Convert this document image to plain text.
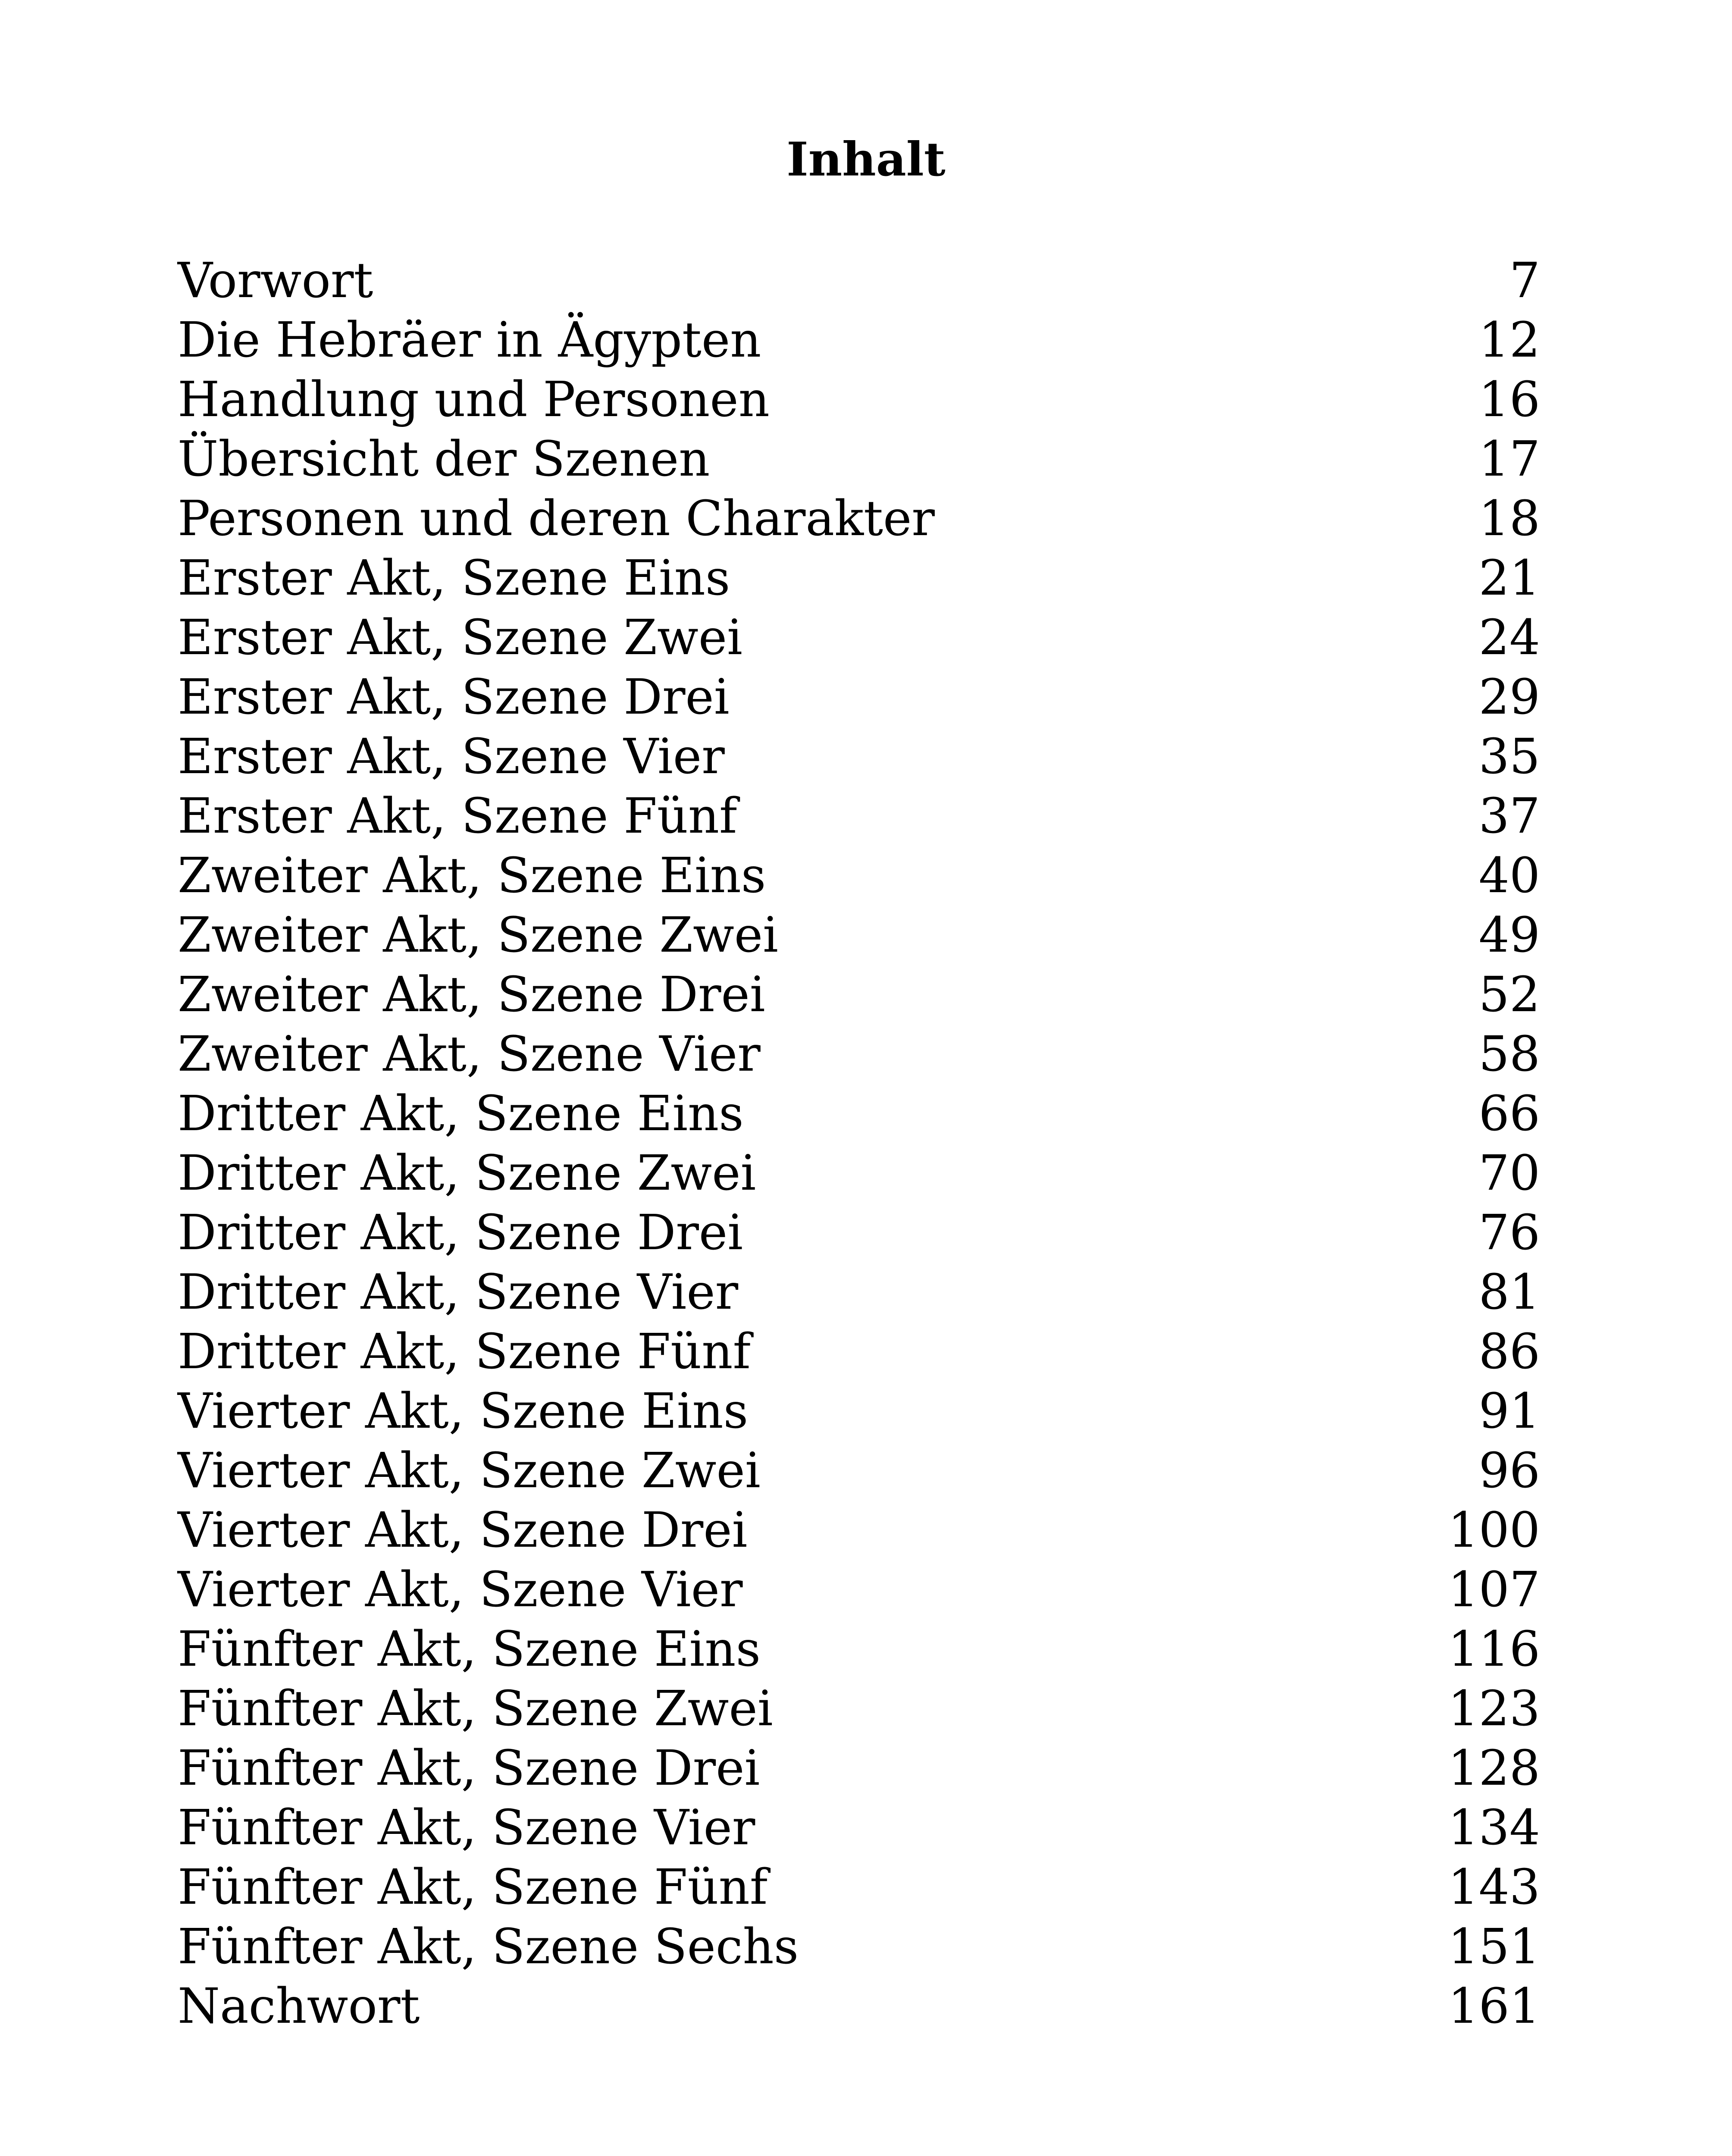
Inhalt
Vorwort	7
Die Hebräer in Ägypten	12
Handlung und Personen	16
Übersicht der Szenen	17
Personen und deren Charakter	18
Erster Akt, Szene Eins	21
Erster Akt, Szene Zwei	24
Erster Akt, Szene Drei	29
Erster Akt, Szene Vier	35
Erster Akt, Szene Fünf	37
Zweiter Akt, Szene Eins	40
Zweiter Akt, Szene Zwei	49
Zweiter Akt, Szene Drei	52
Zweiter Akt, Szene Vier	58
Dritter Akt, Szene Eins	66
Dritter Akt, Szene Zwei	70
Dritter Akt, Szene Drei	76
Dritter Akt, Szene Vier	81
Dritter Akt, Szene Fünf	86
Vierter Akt, Szene Eins	91
Vierter Akt, Szene Zwei	96
Vierter Akt, Szene Drei	100
Vierter Akt, Szene Vier	107
Fünfter Akt, Szene Eins	116
Fünfter Akt, Szene Zwei	123
Fünfter Akt, Szene Drei	128
Fünfter Akt, Szene Vier	134
Fünfter Akt, Szene Fünf	143
Fünfter Akt, Szene Sechs	151
Nachwort	161
